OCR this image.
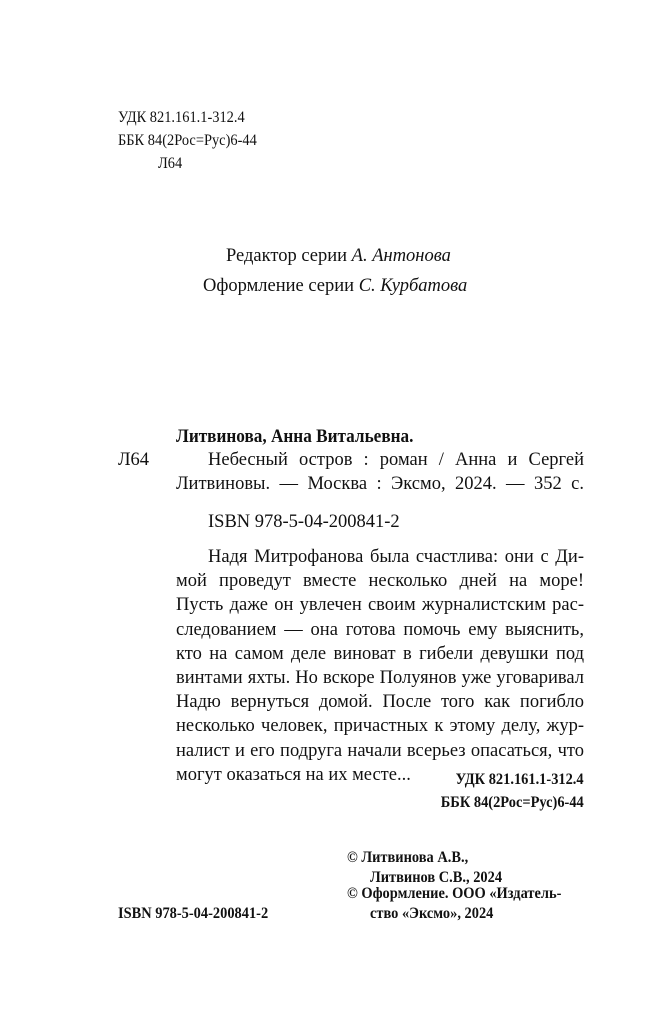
УДК 821.161.1-312.4

ББК 84(2Рос=Рус)6-44

Л64

Редактор серии А. Антонова

Оформление серии С. Курбатова

Литвинова, Анна Витальевна.

Л64	Небесный остров : роман / Анна и Сергей

Литвиновы. — Москва : Эксмо, 2024. — 352 с.

ISBN 978-5-04-200841-2

Надя Митрофанова была счастлива: они с Ди-
мой проведут вместе несколько дней на море!
Пусть даже он увлечен своим журналистским рас-
следованием — она готова помочь ему выяснить,
кто на самом деле виноват в гибели девушки под
винтами яхты. Но вскоре Полуянов уже уговаривал
Надю вернуться домой. После того как погибло
несколько человек, причастных к этому делу, жур-
налист и его подруга начали всерьез опасаться, что
могут оказаться на их месте...	УДК 821.161.1-312.4

ББК 84(2Рос=Рус)6-44

© Литвинова А.В.,

Литвинов С.В., 2024

© Оформление. ООО «Издатель-

ство «Эксмо», 2024

ISBN 978-5-04-200841-2
